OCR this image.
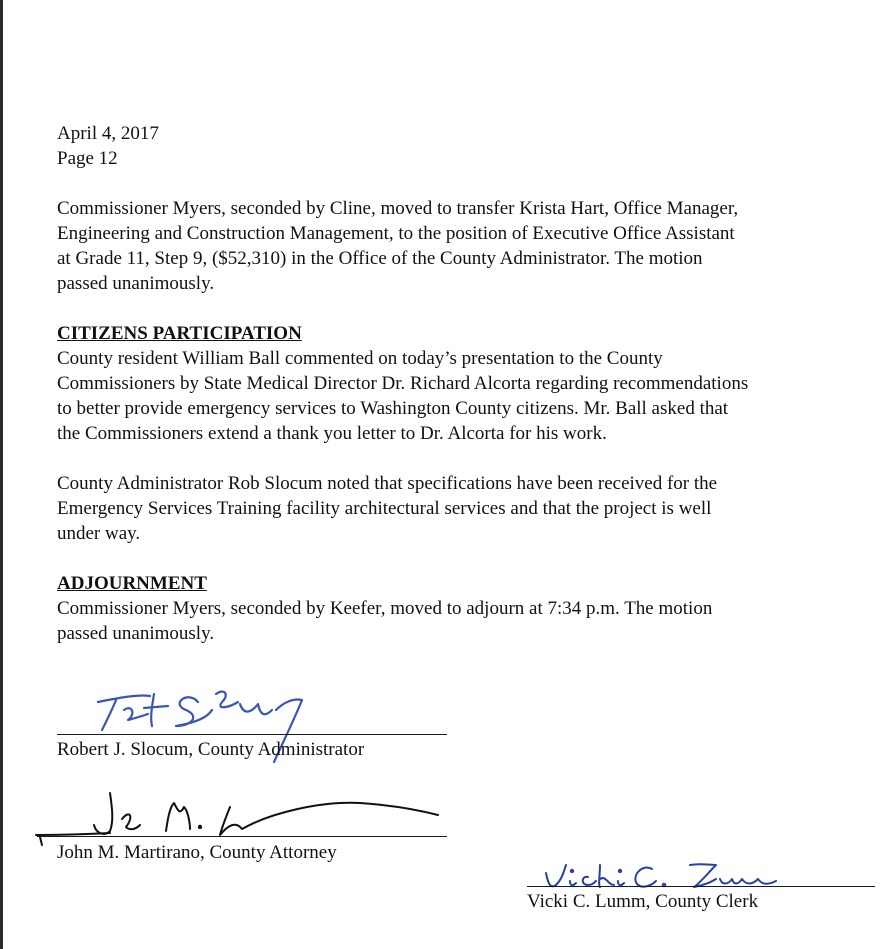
April 4, 2017
Page 12
Commissioner Myers, seconded by Cline, moved to transfer Krista Hart, Office Manager,
Engineering and Construction Management, to the position of Executive Office Assistant
at Grade 11, Step 9, ($52,310) in the Office of the County Administrator. The motion
passed unanimously.
CITIZENS PARTICIPATION
County resident William Ball commented on today’s presentation to the County
Commissioners by State Medical Director Dr. Richard Alcorta regarding recommendations
to better provide emergency services to Washington County citizens. Mr. Ball asked that
the Commissioners extend a thank you letter to Dr. Alcorta for his work.
County Administrator Rob Slocum noted that specifications have been received for the
Emergency Services Training facility architectural services and that the project is well
under way.
ADJOURNMENT
Commissioner Myers, seconded by Keefer, moved to adjourn at 7:34 p.m. The motion
passed unanimously.
Robert J. Slocum, County Administrator
John M. Martirano, County Attorney
Vicki C. Lumm, County Clerk
